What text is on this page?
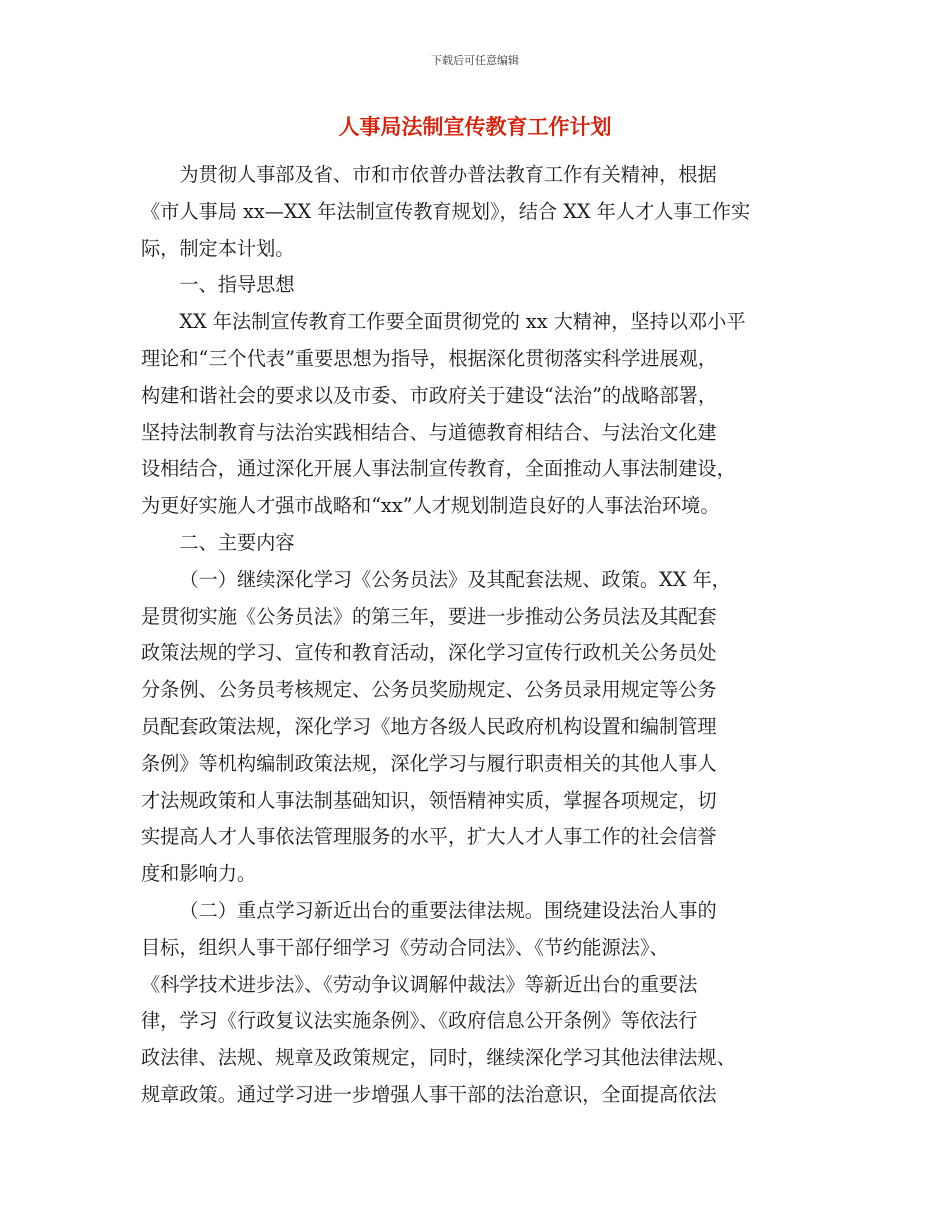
下载后可任意编辑
人事局法制宣传教育工作计划
为贯彻人事部及省、市和市依普办普法教育工作有关精神，根据
《市人事局 xx—XX 年法制宣传教育规划》，结合 XX 年人才人事工作实
际，制定本计划。
一、指导思想
XX 年法制宣传教育工作要全面贯彻党的 xx 大精神，坚持以邓小平
理论和“三个代表”重要思想为指导，根据深化贯彻落实科学进展观，
构建和谐社会的要求以及市委、市政府关于建设“法治”的战略部署，
坚持法制教育与法治实践相结合、与道德教育相结合、与法治文化建
设相结合，通过深化开展人事法制宣传教育，全面推动人事法制建设，
为更好实施人才强市战略和“xx”人才规划制造良好的人事法治环境。
二、主要内容
（一）继续深化学习《公务员法》及其配套法规、政策。XX 年，
是贯彻实施《公务员法》的第三年，要进一步推动公务员法及其配套
政策法规的学习、宣传和教育活动，深化学习宣传行政机关公务员处
分条例、公务员考核规定、公务员奖励规定、公务员录用规定等公务
员配套政策法规，深化学习《地方各级人民政府机构设置和编制管理
条例》等机构编制政策法规，深化学习与履行职责相关的其他人事人
才法规政策和人事法制基础知识，领悟精神实质，掌握各项规定，切
实提高人才人事依法管理服务的水平，扩大人才人事工作的社会信誉
度和影响力。
（二）重点学习新近出台的重要法律法规。围绕建设法治人事的
目标，组织人事干部仔细学习《劳动合同法》、《节约能源法》、
《科学技术进步法》、《劳动争议调解仲裁法》等新近出台的重要法
律，学习《行政复议法实施条例》、《政府信息公开条例》等依法行
政法律、法规、规章及政策规定，同时，继续深化学习其他法律法规、
规章政策。通过学习进一步增强人事干部的法治意识，全面提高依法
